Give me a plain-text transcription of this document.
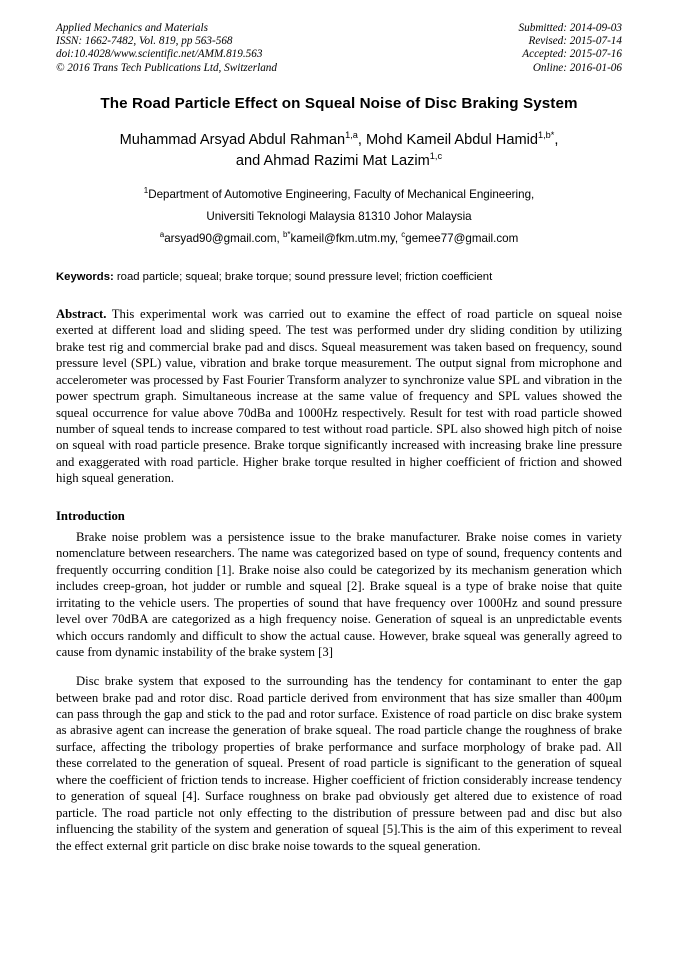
Applied Mechanics and Materials
ISSN: 1662-7482, Vol. 819, pp 563-568
doi:10.4028/www.scientific.net/AMM.819.563
© 2016 Trans Tech Publications Ltd, Switzerland
Submitted: 2014-09-03
Revised: 2015-07-14
Accepted: 2015-07-16
Online: 2016-01-06
The Road Particle Effect on Squeal Noise of Disc Braking System
Muhammad Arsyad Abdul Rahman$^{1,a}$, Mohd Kameil Abdul Hamid$^{1,b*}$,
and Ahmad Razimi Mat Lazim$^{1,c}$
$^1$Department of Automotive Engineering, Faculty of Mechanical Engineering,
Universiti Teknologi Malaysia 81310 Johor Malaysia
$^a$arsyad90@gmail.com, $^{b*}$kameil@fkm.utm.my, $^c$gemee77@gmail.com
Keywords: road particle; squeal; brake torque; sound pressure level; friction coefficient
Abstract. This experimental work was carried out to examine the effect of road particle on squeal noise exerted at different load and sliding speed. The test was performed under dry sliding condition by utilizing brake test rig and commercial brake pad and discs. Squeal measurement was taken based on frequency, sound pressure level (SPL) value, vibration and brake torque measurement. The output signal from microphone and accelerometer was processed by Fast Fourier Transform analyzer to synchronize value SPL and vibration in the power spectrum graph. Simultaneous increase at the same value of frequency and SPL values showed the squeal occurrence for value above 70dBa and 1000Hz respectively. Result for test with road particle showed number of squeal tends to increase compared to test without road particle. SPL also showed high pitch of noise on squeal with road particle presence. Brake torque significantly increased with increasing brake line pressure and exaggerated with road particle. Higher brake torque resulted in higher coefficient of friction and showed high squeal generation.
Introduction

Brake noise problem was a persistence issue to the brake manufacturer. Brake noise comes in variety nomenclature between researchers. The name was categorized based on type of sound, frequency contents and frequently occurring condition [1]. Brake noise also could be categorized by its mechanism generation which includes creep-groan, hot judder or rumble and squeal [2]. Brake squeal is a type of brake noise that quite irritating to the vehicle users. The properties of sound that have frequency over 1000Hz and sound pressure level over 70dBA are categorized as a high frequency noise. Generation of squeal is an unpredictable events which occurs randomly and difficult to show the actual cause. However, brake squeal was generally agreed to cause from dynamic instability of the brake system [3]

Disc brake system that exposed to the surrounding has the tendency for contaminant to enter the gap between brake pad and rotor disc. Road particle derived from environment that has size smaller than 400μm can pass through the gap and stick to the pad and rotor surface. Existence of road particle on disc brake system as abrasive agent can increase the generation of brake squeal. The road particle change the roughness of brake surface, affecting the tribology properties of brake performance and surface morphology of brake pad. All these correlated to the generation of squeal. Present of road particle is significant to the generation of squeal where the coefficient of friction tends to increase. Higher coefficient of friction considerably increase tendency to generation of squeal [4]. Surface roughness on brake pad obviously get altered due to existence of road particle. The road particle not only effecting to the distribution of pressure between pad and disc but also influencing the stability of the system and generation of squeal [5].This is the aim of this experiment to reveal the effect external grit particle on disc brake noise towards to the squeal generation.
